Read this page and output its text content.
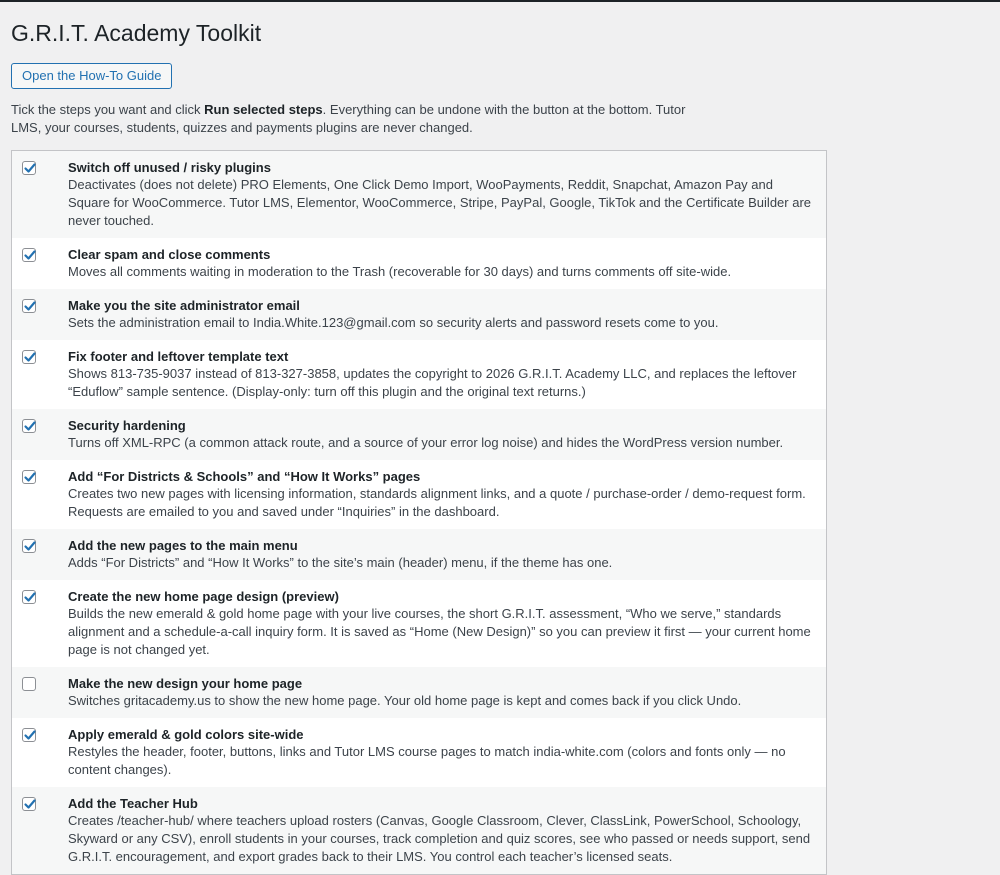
G.R.I.T. Academy Toolkit
Open the How-To Guide

Tick the steps you want and click Run selected steps. Everything can be undone with the button at the bottom. Tutor LMS, your courses, students, quizzes and payments plugins are never changed.

Switch off unused / risky plugins
Deactivates (does not delete) PRO Elements, One Click Demo Import, WooPayments, Reddit, Snapchat, Amazon Pay and Square for WooCommerce. Tutor LMS, Elementor, WooCommerce, Stripe, PayPal, Google, TikTok and the Certificate Builder are never touched.
Clear spam and close comments
Moves all comments waiting in moderation to the Trash (recoverable for 30 days) and turns comments off site-wide.
Make you the site administrator email
Sets the administration email to India.White.123@gmail.com so security alerts and password resets come to you.
Fix footer and leftover template text
Shows 813-735-9037 instead of 813-327-3858, updates the copyright to 2026 G.R.I.T. Academy LLC, and replaces the leftover “Eduflow” sample sentence. (Display-only: turn off this plugin and the original text returns.)
Security hardening
Turns off XML-RPC (a common attack route, and a source of your error log noise) and hides the WordPress version number.
Add “For Districts & Schools” and “How It Works” pages
Creates two new pages with licensing information, standards alignment links, and a quote / purchase-order / demo-request form. Requests are emailed to you and saved under “Inquiries” in the dashboard.
Add the new pages to the main menu
Adds “For Districts” and “How It Works” to the site’s main (header) menu, if the theme has one.
Create the new home page design (preview)
Builds the new emerald & gold home page with your live courses, the short G.R.I.T. assessment, “Who we serve,” standards alignment and a schedule-a-call inquiry form. It is saved as “Home (New Design)” so you can preview it first — your current home page is not changed yet.
Make the new design your home page
Switches gritacademy.us to show the new home page. Your old home page is kept and comes back if you click Undo.
Apply emerald & gold colors site-wide
Restyles the header, footer, buttons, links and Tutor LMS course pages to match india-white.com (colors and fonts only — no content changes).
Add the Teacher Hub
Creates /teacher-hub/ where teachers upload rosters (Canvas, Google Classroom, Clever, ClassLink, PowerSchool, Schoology, Skyward or any CSV), enroll students in your courses, track completion and quiz scores, see who passed or needs support, send G.R.I.T. encouragement, and export grades back to their LMS. You control each teacher’s licensed seats.
